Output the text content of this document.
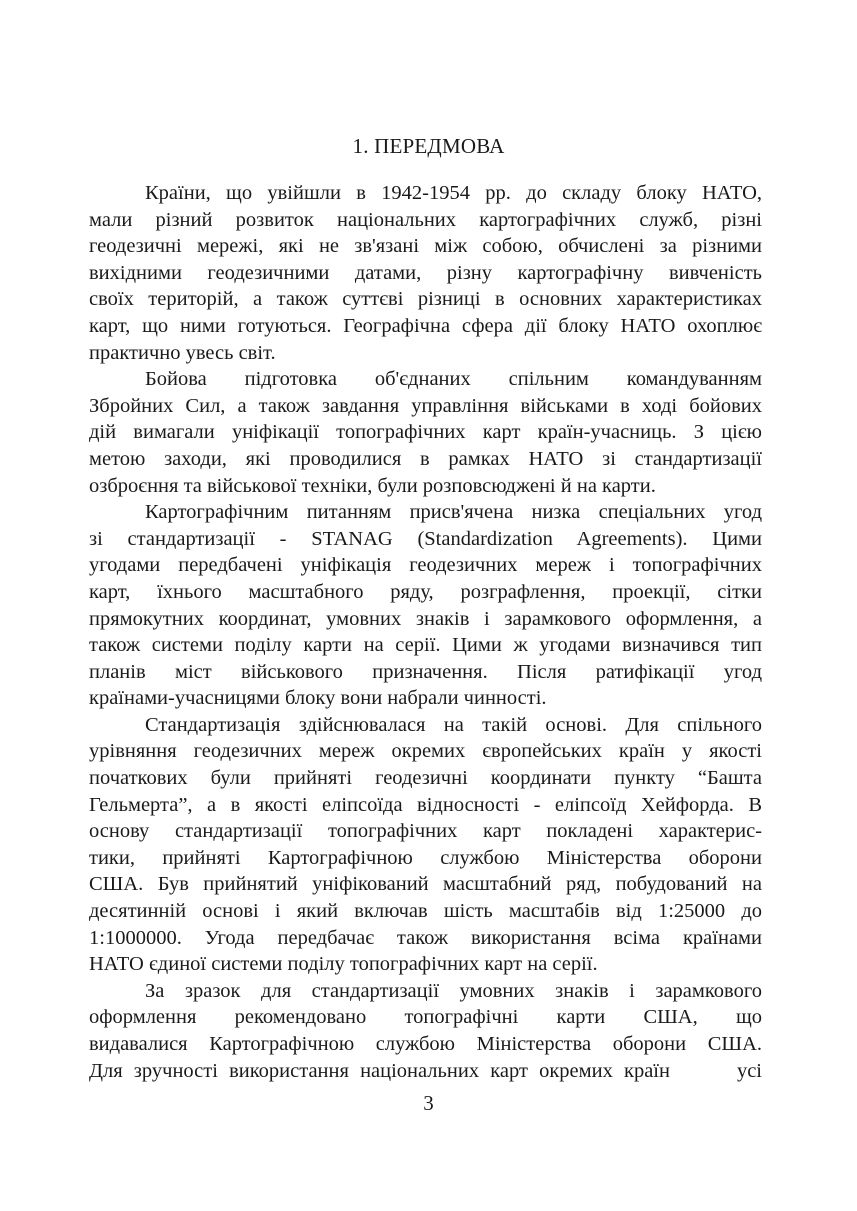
1. ПЕРЕДМОВА
Країни, що увійшли в 1942-1954 рр. до складу блоку НАТО,
мали різний розвиток національних картографічних служб, різні
геодезичні мережі, які не зв'язані між собою, обчислені за різними
вихідними геодезичними датами, різну картографічну вивченість
своїх територій, а також суттєві різниці в основних характеристиках
карт, що ними готуються. Географічна сфера дії блоку НАТО охоплює
практично увесь світ.
Бойова підготовка об'єднаних спільним командуванням
Збройних Сил, а також завдання управління військами в ході бойових
дій вимагали уніфікації топографічних карт країн-учасниць. З цією
метою заходи, які проводилися в рамках НАТО зі стандартизації
озброєння та військової техніки, були розповсюджені й на карти.
Картографічним питанням присв'ячена низка спеціальних угод
зі стандартизації - STANAG (Standardization Agreements). Цими
угодами передбачені уніфікація геодезичних мереж і топографічних
карт, їхнього масштабного ряду, розграфлення, проекції, сітки
прямокутних координат, умовних знаків і зарамкового оформлення, а
також системи поділу карти на серії. Цими ж угодами визначився тип
планів міст військового призначення. Після ратифікації угод
країнами-учасницями блоку вони набрали чинності.
Стандартизація здійснювалася на такій основі. Для спільного
урівняння геодезичних мереж окремих європейських країн у якості
початкових були прийняті геодезичні координати пункту “Башта
Гельмерта”, а в якості еліпсоїда відносності - еліпсоїд Хейфорда. В
основу стандартизації топографічних карт покладені характерис-
тики, прийняті Картографічною службою Міністерства оборони
США. Був прийнятий уніфікований масштабний ряд, побудований на
десятинній основі і який включав шість масштабів від 1:25000 до
1:1000000. Угода передбачає також використання всіма країнами
НАТО єдиної системи поділу топографічних карт на серії.
За зразок для стандартизації умовних знаків і зарамкового
оформлення рекомендовано топографічні карти США, що
видавалися Картографічною службою Міністерства оборони США.
Для зручності використання національних карт окремих країн      усі
3
